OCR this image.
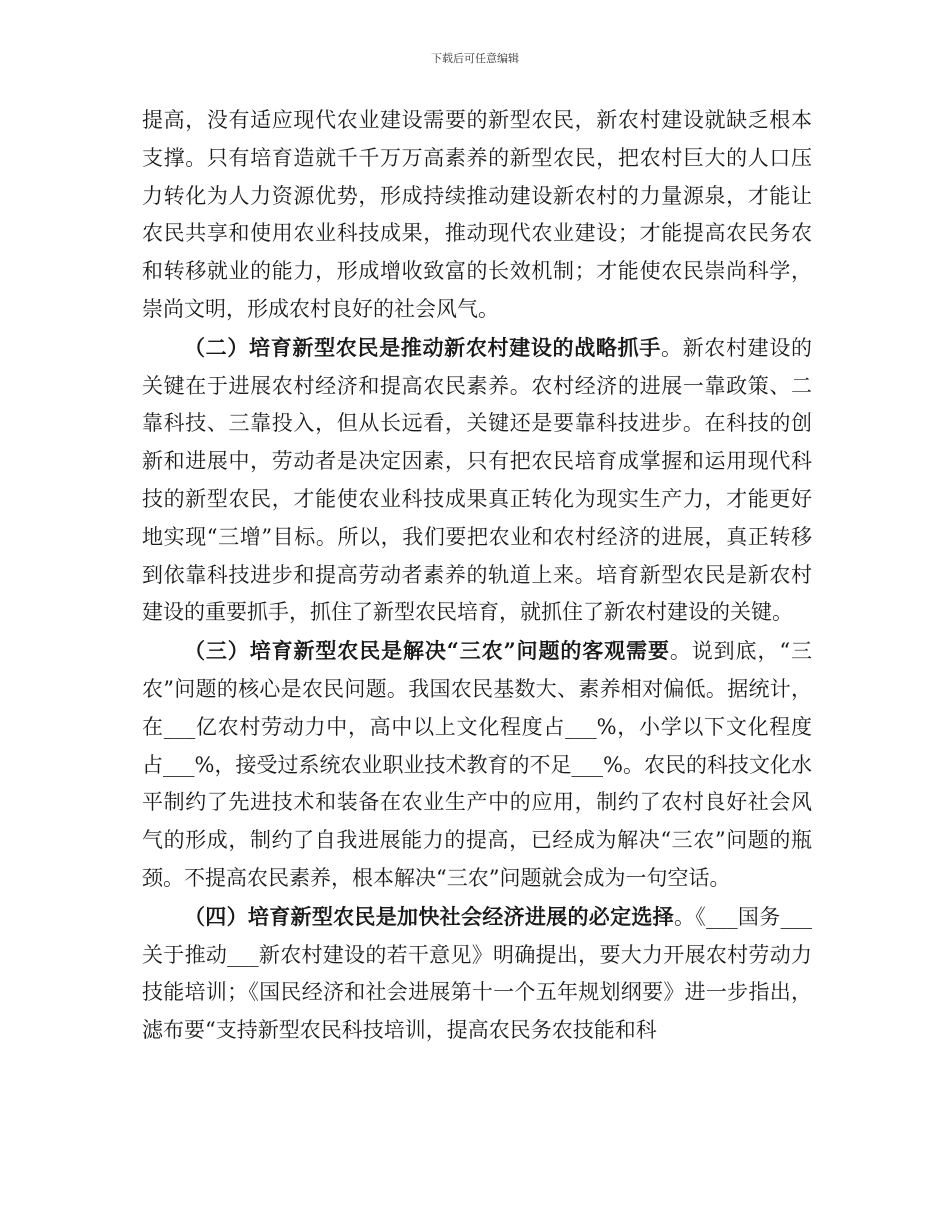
下载后可任意编辑

提高，没有适应现代农业建设需要的新型农民，新农村建设就缺乏根本支撑。只有培育造就千千万万高素养的新型农民，把农村巨大的人口压力转化为人力资源优势，形成持续推动建设新农村的力量源泉，才能让农民共享和使用农业科技成果，推动现代农业建设；才能提高农民务农和转移就业的能力，形成增收致富的长效机制；才能使农民崇尚科学，崇尚文明，形成农村良好的社会风气。

（二）培育新型农民是推动新农村建设的战略抓手。新农村建设的关键在于进展农村经济和提高农民素养。农村经济的进展一靠政策、二靠科技、三靠投入，但从长远看，关键还是要靠科技进步。在科技的创新和进展中，劳动者是决定因素，只有把农民培育成掌握和运用现代科技的新型农民，才能使农业科技成果真正转化为现实生产力，才能更好地实现“三增”目标。所以，我们要把农业和农村经济的进展，真正转移到依靠科技进步和提高劳动者素养的轨道上来。培育新型农民是新农村建设的重要抓手，抓住了新型农民培育，就抓住了新农村建设的关键。

（三）培育新型农民是解决“三农”问题的客观需要。说到底，“三农”问题的核心是农民问题。我国农民基数大、素养相对偏低。据统计，在___亿农村劳动力中，高中以上文化程度占___%，小学以下文化程度占___%，接受过系统农业职业技术教育的不足___%。农民的科技文化水平制约了先进技术和装备在农业生产中的应用，制约了农村良好社会风气的形成，制约了自我进展能力的提高，已经成为解决“三农”问题的瓶颈。不提高农民素养，根本解决“三农”问题就会成为一句空话。

（四）培育新型农民是加快社会经济进展的必定选择。《___国务___关于推动___新农村建设的若干意见》明确提出，要大力开展农村劳动力技能培训；《国民经济和社会进展第十一个五年规划纲要》进一步指出，滤布要“支持新型农民科技培训，提高农民务农技能和科
